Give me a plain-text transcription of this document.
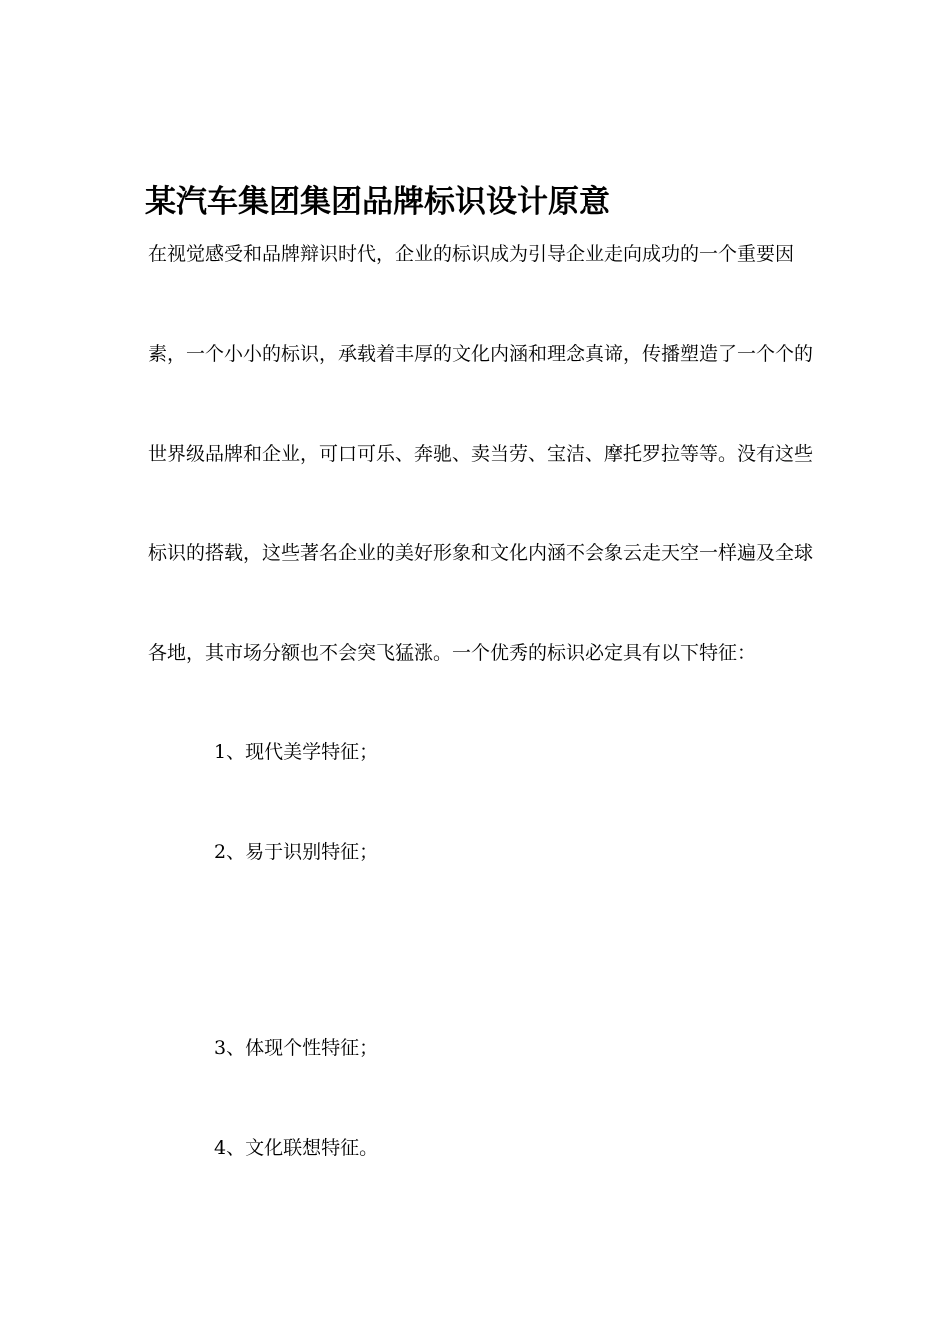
某汽车集团集团品牌标识设计原意

在视觉感受和品牌辩识时代，企业的标识成为引导企业走向成功的一个重要因

素，一个小小的标识，承载着丰厚的文化内涵和理念真谛，传播塑造了一个个的

世界级品牌和企业，可口可乐、奔驰、卖当劳、宝洁、摩托罗拉等等。没有这些

标识的搭载，这些著名企业的美好形象和文化内涵不会象云走天空一样遍及全球

各地，其市场分额也不会突飞猛涨。一个优秀的标识必定具有以下特征：

1、现代美学特征；

2、易于识别特征；

3、体现个性特征；

4、文化联想特征。
